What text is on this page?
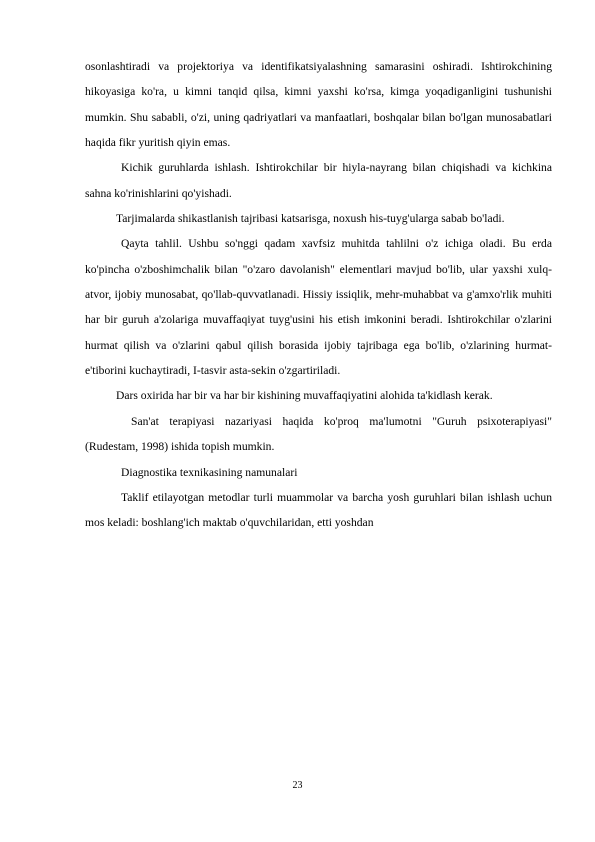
osonlashtiradi va projektoriya va identifikatsiyalashning samarasini oshiradi. Ishtirokchining hikoyasiga ko'ra, u kimni tanqid qilsa, kimni yaxshi ko'rsa, kimga yoqadiganligini tushunishi mumkin. Shu sababli, o'zi, uning qadriyatlari va manfaatlari, boshqalar bilan bo'lgan munosabatlari haqida fikr yuritish qiyin emas.

Kichik guruhlarda ishlash. Ishtirokchilar bir hiyla-nayrang bilan chiqishadi va kichkina sahna ko'rinishlarini qo'yishadi.

Tarjimalarda shikastlanish tajribasi katsarisga, noxush his-tuyg'ularga sabab bo'ladi.

Qayta tahlil. Ushbu so'nggi qadam xavfsiz muhitda tahlilni o'z ichiga oladi. Bu erda ko'pincha o'zboshimchalik bilan "o'zaro davolanish" elementlari mavjud bo'lib, ular yaxshi xulq-atvor, ijobiy munosabat, qo'llab-quvvatlanadi. Hissiy issiqlik, mehr-muhabbat va g'amxo'rlik muhiti har bir guruh a'zolariga muvaffaqiyat tuyg'usini his etish imkonini beradi. Ishtirokchilar o'zlarini hurmat qilish va o'zlarini qabul qilish borasida ijobiy tajribaga ega bo'lib, o'zlarining hurmat-e'tiborini kuchaytiradi, I-tasvir asta-sekin o'zgartiriladi.

Dars oxirida har bir va har bir kishining muvaffaqiyatini alohida ta'kidlash kerak.

San'at terapiyasi nazariyasi haqida ko'proq ma'lumotni "Guruh psixoterapiyasi" (Rudestam, 1998) ishida topish mumkin.

Diagnostika texnikasining namunalari

Taklif etilayotgan metodlar turli muammolar va barcha yosh guruhlari bilan ishlash uchun mos keladi: boshlang'ich maktab o'quvchilaridan, etti yoshdan

23
